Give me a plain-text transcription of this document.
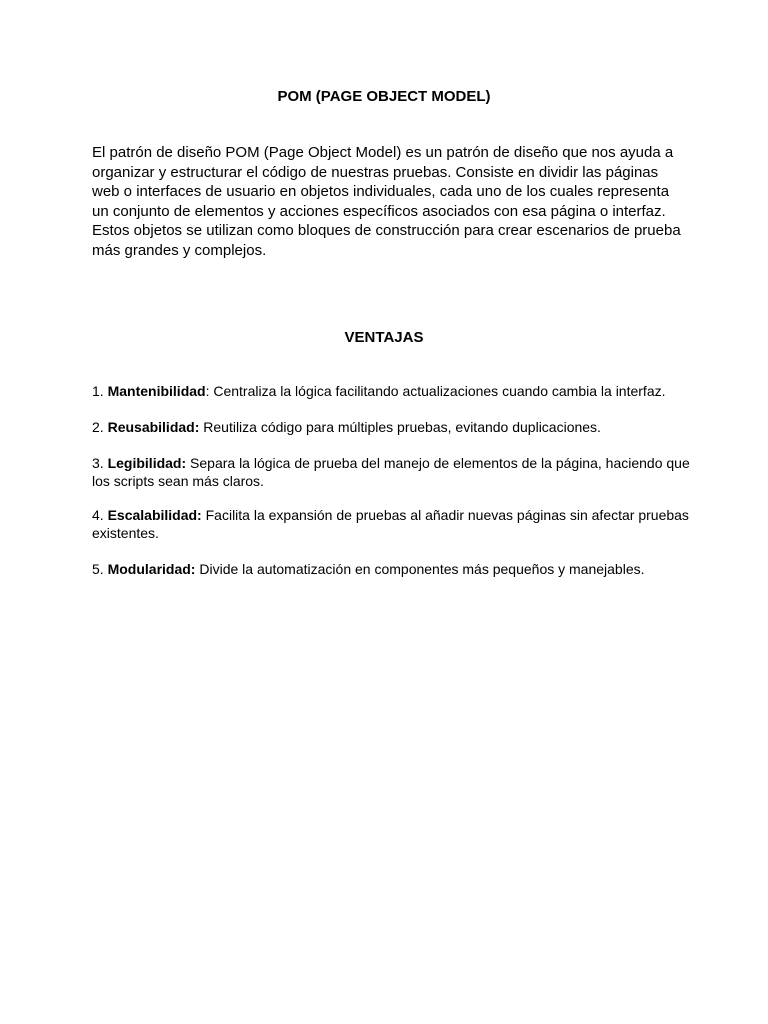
POM (PAGE OBJECT MODEL)

El patrón de diseño POM (Page Object Model) es un patrón de diseño que nos ayuda a organizar y estructurar el código de nuestras pruebas. Consiste en dividir las páginas web o interfaces de usuario en objetos individuales, cada uno de los cuales representa un conjunto de elementos y acciones específicos asociados con esa página o interfaz. Estos objetos se utilizan como bloques de construcción para crear escenarios de prueba más grandes y complejos.

VENTAJAS

1. Mantenibilidad: Centraliza la lógica facilitando actualizaciones cuando cambia la interfaz.

2. Reusabilidad: Reutiliza código para múltiples pruebas, evitando duplicaciones.

3. Legibilidad: Separa la lógica de prueba del manejo de elementos de la página, haciendo que los scripts sean más claros.

4. Escalabilidad: Facilita la expansión de pruebas al añadir nuevas páginas sin afectar pruebas existentes.

5. Modularidad: Divide la automatización en componentes más pequeños y manejables.
